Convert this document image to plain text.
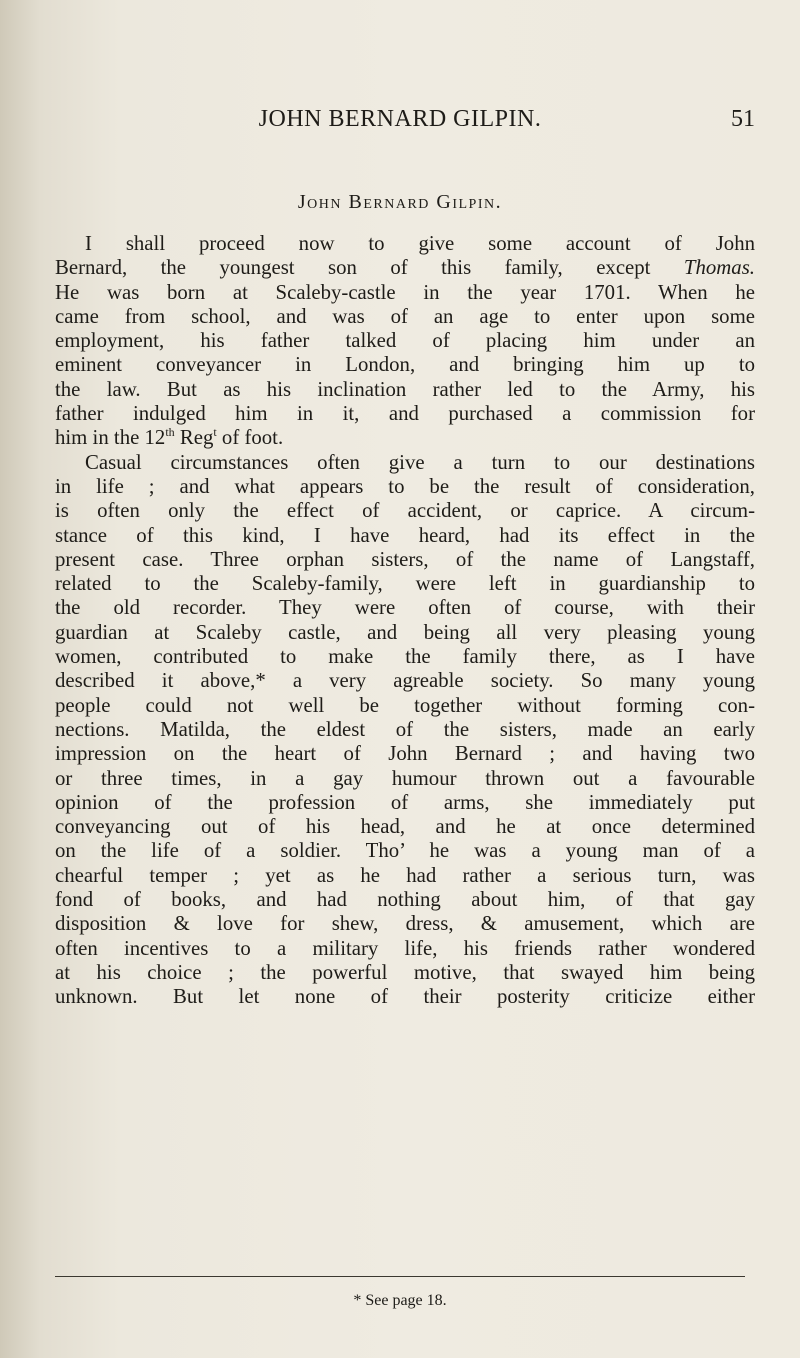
JOHN BERNARD GILPIN.	51
John Bernard Gilpin.
I shall proceed now to give some account of John
Bernard, the youngest son of this family, except Thomas.
He was born at Scaleby-castle in the year 1701. When he
came from school, and was of an age to enter upon some
employment, his father talked of placing him under an
eminent conveyancer in London, and bringing him up to
the law. But as his inclination rather led to the Army, his
father indulged him in it, and purchased a commission for
him in the 12th Reg$^t$ of foot.
Casual circumstances often give a turn to our destinations
in life ; and what appears to be the result of consideration,
is often only the effect of accident, or caprice. A circum-
stance of this kind, I have heard, had its effect in the
present case. Three orphan sisters, of the name of Langstaff,
related to the Scaleby-family, were left in guardianship to
the old recorder. They were often of course, with their
guardian at Scaleby castle, and being all very pleasing young
women, contributed to make the family there, as I have
described it above,* a very agreable society. So many young
people could not well be together without forming con-
nections. Matilda, the eldest of the sisters, made an early
impression on the heart of John Bernard ; and having two
or three times, in a gay humour thrown out a favourable
opinion of the profession of arms, she immediately put
conveyancing out of his head, and he at once determined
on the life of a soldier. Tho’ he was a young man of a
chearful temper ; yet as he had rather a serious turn, was
fond of books, and had nothing about him, of that gay
disposition & love for shew, dress, & amusement, which are
often incentives to a military life, his friends rather wondered
at his choice ; the powerful motive, that swayed him being
unknown. But let none of their posterity criticize either
* See page 18.
